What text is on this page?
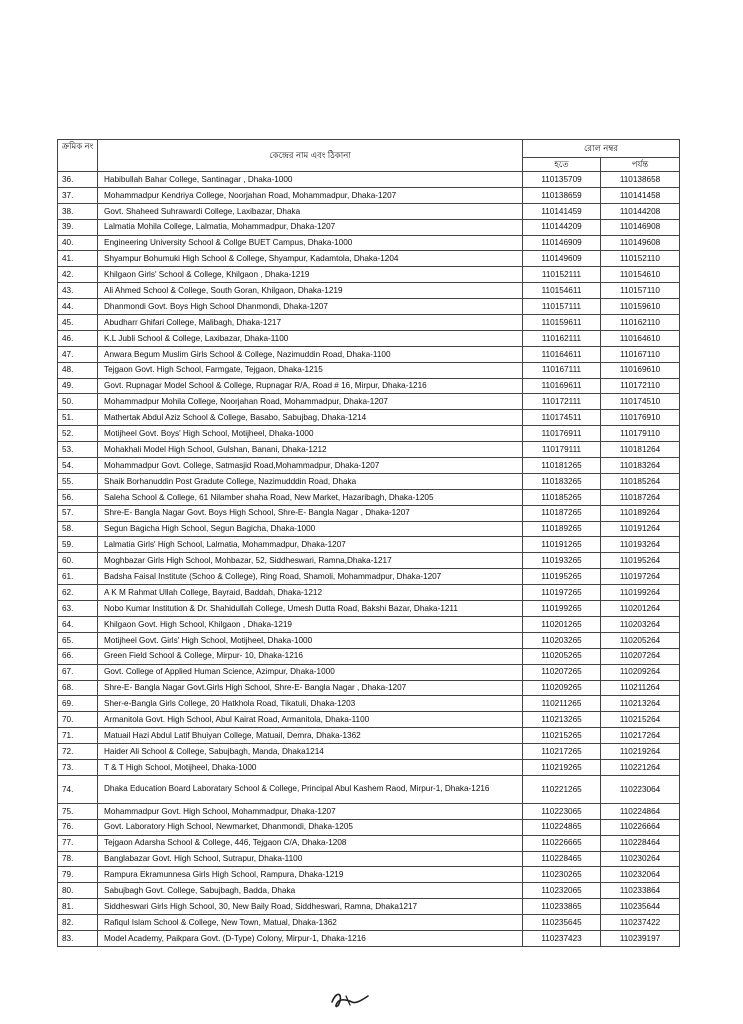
ক্রমিক নং	কেন্দ্রের নাম এবং ঠিকানা	রোল নম্বর	
		হতে	পর্যন্ত
36.	Habibullah Bahar College, Santinagar , Dhaka-1000	110135709	110138658
37.	Mohammadpur Kendriya College, Noorjahan Road, Mohammadpur, Dhaka-1207	110138659	110141458
38.	Govt. Shaheed Suhrawardi College, Laxibazar, Dhaka	110141459	110144208
39.	Lalmatia Mohila College, Lalmatia, Mohammadpur, Dhaka-1207	110144209	110146908
40.	Engineering University School & Collge BUET Campus, Dhaka-1000	110146909	110149608
41.	Shyampur Bohumuki High School & College, Shyampur, Kadamtola, Dhaka-1204	110149609	110152110
42.	Khilgaon Girls' School & College, Khilgaon , Dhaka-1219	110152111	110154610
43.	Ali Ahmed School & College, South Goran, Khilgaon, Dhaka-1219	110154611	110157110
44.	Dhanmondi Govt. Boys High School Dhanmondi, Dhaka-1207	110157111	110159610
45.	Abudharr Ghifari College, Malibagh, Dhaka-1217	110159611	110162110
46.	K.L Jubli School & College, Laxibazar, Dhaka-1100	110162111	110164610
47.	Anwara Begum Muslim Girls School & College, Nazimuddin Road, Dhaka-1100	110164611	110167110
48.	Tejgaon Govt. High School, Farmgate, Tejgaon, Dhaka-1215	110167111	110169610
49.	Govt. Rupnagar Model School & College, Rupnagar R/A, Road # 16, Mirpur, Dhaka-1216	110169611	110172110
50.	Mohammadpur Mohila College, Noorjahan Road, Mohammadpur, Dhaka-1207	110172111	110174510
51.	Mathertak Abdul Aziz School & College, Basabo, Sabujbag, Dhaka-1214	110174511	110176910
52.	Motijheel Govt. Boys' High School, Motijheel, Dhaka-1000	110176911	110179110
53.	Mohakhali Model High School, Gulshan, Banani, Dhaka-1212	110179111	110181264
54.	Mohammadpur Govt. College, Satmasjid Road,Mohammadpur, Dhaka-1207	110181265	110183264
55.	Shaik Borhanuddin Post Gradute College, Nazimudddin Road, Dhaka	110183265	110185264
56.	Saleha School & College, 61 Nilamber shaha Road, New Market, Hazaribagh, Dhaka-1205	110185265	110187264
57.	Shre-E- Bangla Nagar Govt. Boys High School, Shre-E- Bangla Nagar , Dhaka-1207	110187265	110189264
58.	Segun Bagicha High School, Segun Bagicha, Dhaka-1000	110189265	110191264
59.	Lalmatia Girls' High School, Lalmatia, Mohammadpur, Dhaka-1207	110191265	110193264
60.	Moghbazar Girls High School, Mohbazar, 52, Siddheswari, Ramna,Dhaka-1217	110193265	110195264
61.	Badsha Faisal Institute (Schoo & College), Ring Road, Shamoli, Mohammadpur, Dhaka-1207	110195265	110197264
62.	A K M Rahmat Ullah College, Bayraid, Baddah, Dhaka-1212	110197265	110199264
63.	Nobo Kumar Institution & Dr. Shahidullah College, Umesh Dutta Road, Bakshi Bazar, Dhaka-1211	110199265	110201264
64.	Khilgaon Govt. High School, Khilgaon , Dhaka-1219	110201265	110203264
65.	Motijheel Govt. Girls' High School, Motijheel, Dhaka-1000	110203265	110205264
66.	Green Field School & College, Mirpur- 10, Dhaka-1216	110205265	110207264
67.	Govt. College of Applied Human Science, Azimpur, Dhaka-1000	110207265	110209264
68.	Shre-E- Bangla Nagar Govt.Girls High School, Shre-E- Bangla Nagar , Dhaka-1207	110209265	110211264
69.	Sher-e-Bangla Girls College, 20 Hatkhola Road, Tikatuli, Dhaka-1203	110211265	110213264
70.	Armanitola Govt. High School, Abul Kairat Road, Armanitola, Dhaka-1100	110213265	110215264
71.	Matuail Hazi Abdul Latif Bhuiyan College, Matuail, Demra, Dhaka-1362	110215265	110217264
72.	Haider Ali School & College, Sabujbagh, Manda, Dhaka1214	110217265	110219264
73.	T & T High School, Motijheel, Dhaka-1000	110219265	110221264
74.	Dhaka Education Board Laboratary School & College, Principal Abul Kashem Raod, Mirpur-1, Dhaka-1216	110221265	110223064
75.	Mohammadpur Govt. High School, Mohammadpur, Dhaka-1207	110223065	110224864
76.	Govt. Laboratory High School, Newmarket, Dhanmondi, Dhaka-1205	110224865	110226664
77.	Tejgaon Adarsha School & College, 446, Tejgaon C/A, Dhaka-1208	110226665	110228464
78.	Banglabazar Govt. High School, Sutrapur, Dhaka-1100	110228465	110230264
79.	Rampura Ekramunnesa Girls High School, Rampura, Dhaka-1219	110230265	110232064
80.	Sabujbagh Govt. College, Sabujbagh, Badda, Dhaka	110232065	110233864
81.	Siddheswari Girls High School, 30, New Baily Road, Siddheswari, Ramna, Dhaka1217	110233865	110235644
82.	Rafiqul Islam School & College, New Town, Matual, Dhaka-1362	110235645	110237422
83.	Model Academy, Paikpara Govt. (D-Type) Colony, Mirpur-1, Dhaka-1216	110237423	110239197
